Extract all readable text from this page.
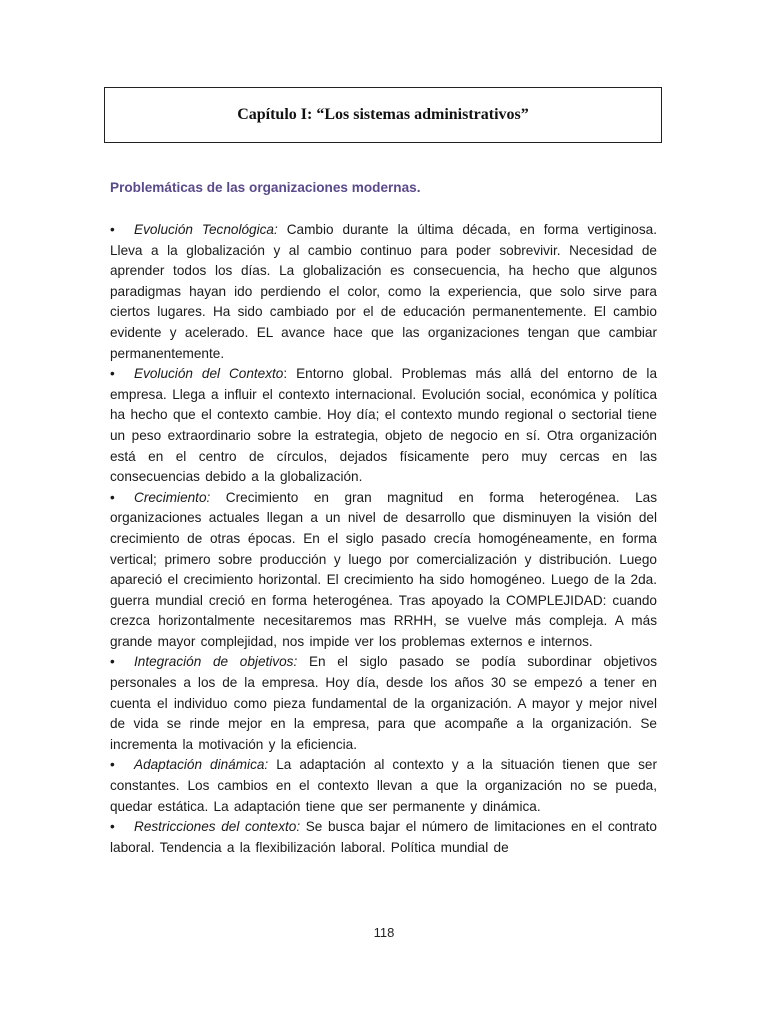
Capítulo I: “Los sistemas administrativos”
Problemáticas de las organizaciones modernas.

• Evolución Tecnológica: Cambio durante la última década, en forma vertiginosa. Lleva a la globalización y al cambio continuo para poder sobrevivir. Necesidad de aprender todos los días. La globalización es consecuencia, ha hecho que algunos paradigmas hayan ido perdiendo el color, como la experiencia, que solo sirve para ciertos lugares. Ha sido cambiado por el de educación permanentemente. El cambio evidente y acelerado. EL avance hace que las organizaciones tengan que cambiar permanentemente.

• Evolución del Contexto: Entorno global. Problemas más allá del entorno de la empresa. Llega a influir el contexto internacional. Evolución social, económica y política ha hecho que el contexto cambie. Hoy día; el contexto mundo regional o sectorial tiene un peso extraordinario sobre la estrategia, objeto de negocio en sí. Otra organización está en el centro de círculos, dejados físicamente pero muy cercas en las consecuencias debido a la globalización.

• Crecimiento: Crecimiento en gran magnitud en forma heterogénea. Las organizaciones actuales llegan a un nivel de desarrollo que disminuyen la visión del crecimiento de otras épocas. En el siglo pasado crecía homogéneamente, en forma vertical; primero sobre producción y luego por comercialización y distribución. Luego apareció el crecimiento horizontal. El crecimiento ha sido homogéneo. Luego de la 2da. guerra mundial creció en forma heterogénea. Tras apoyado la COMPLEJIDAD: cuando crezca horizontalmente necesitaremos mas RRHH, se vuelve más compleja. A más grande mayor complejidad, nos impide ver los problemas externos e internos.

• Integración de objetivos: En el siglo pasado se podía subordinar objetivos personales a los de la empresa. Hoy día, desde los años 30 se empezó a tener en cuenta el individuo como pieza fundamental de la organización. A mayor y mejor nivel de vida se rinde mejor en la empresa, para que acompañe a la organización. Se incrementa la motivación y la eficiencia.

• Adaptación dinámica: La adaptación al contexto y a la situación tienen que ser constantes. Los cambios en el contexto llevan a que la organización no se pueda, quedar estática. La adaptación tiene que ser permanente y dinámica.

• Restricciones del contexto: Se busca bajar el número de limitaciones en el contrato laboral. Tendencia a la flexibilización laboral. Política mundial de

118
